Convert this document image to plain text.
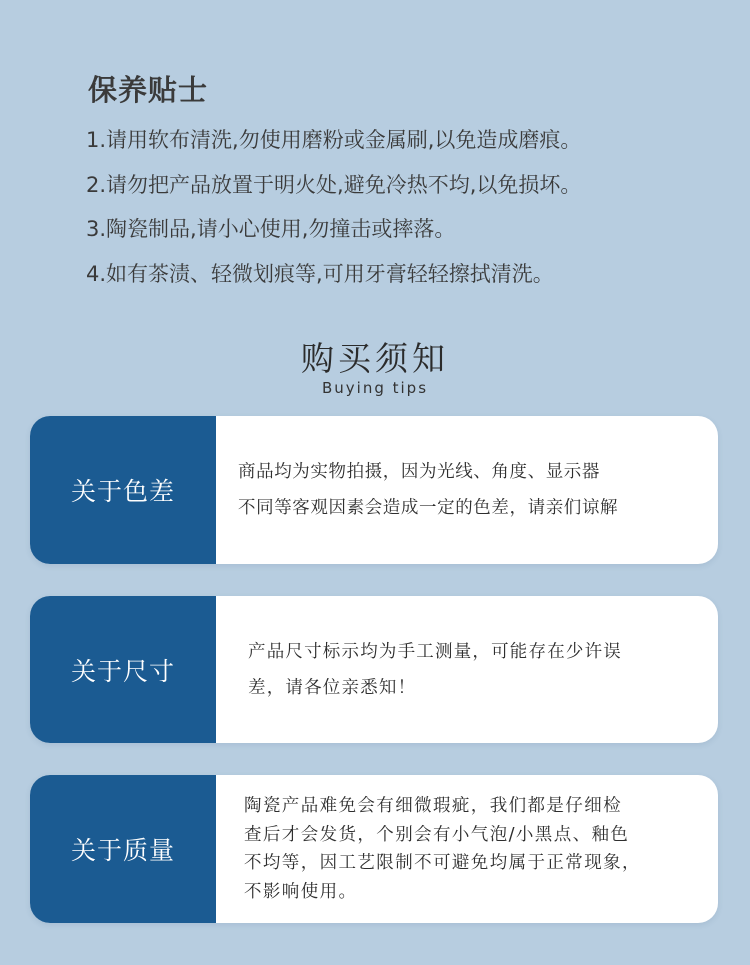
保养贴士
1.请用软布清洗,勿使用磨粉或金属刷,以免造成磨痕。
2.请勿把产品放置于明火处,避免冷热不均,以免损坏。
3.陶瓷制品,请小心使用,勿撞击或摔落。
4.如有茶渍、轻微划痕等,可用牙膏轻轻擦拭清洗。
购买须知
Buying tips
关于色差

商品均为实物拍摄，因为光线、角度、显示器
不同等客观因素会造成一定的色差，请亲们谅解

关于尺寸

产品尺寸标示均为手工测量，可能存在少许误
差，请各位亲悉知！

关于质量

陶瓷产品难免会有细微瑕疵，我们都是仔细检
查后才会发货，个别会有小气泡/小黑点、釉色
不均等，因工艺限制不可避免均属于正常现象，
不影响使用。
